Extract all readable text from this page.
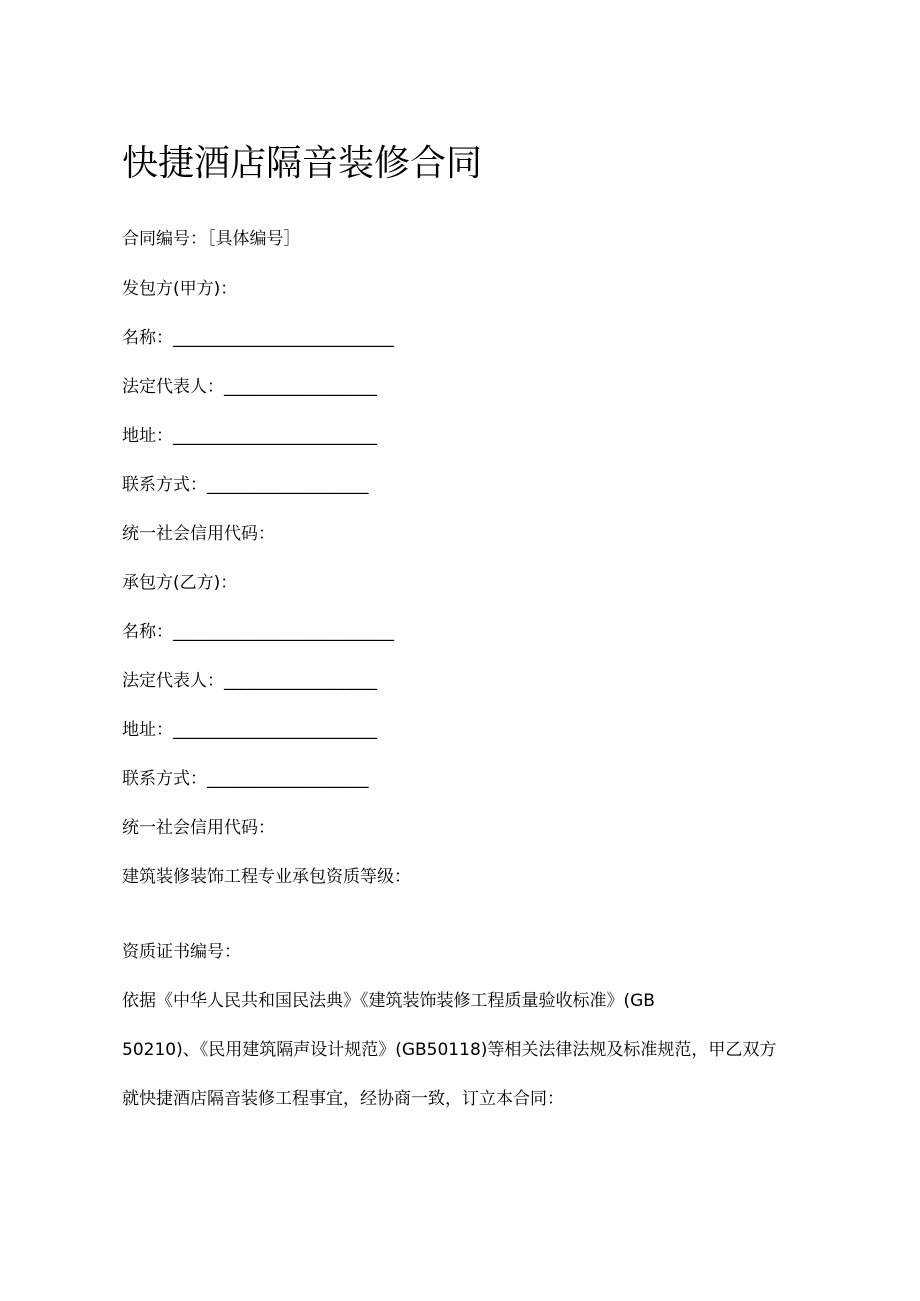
快捷酒店隔音装修合同
合同编号：［具体编号］
发包方(甲方)：
名称：__________________________
法定代表人：__________________
地址：________________________
联系方式：___________________
统一社会信用代码：
承包方(乙方)：
名称：__________________________
法定代表人：__________________
地址：________________________
联系方式：___________________
统一社会信用代码：
建筑装修装饰工程专业承包资质等级：
资质证书编号：
依据《中华人民共和国民法典》《建筑装饰装修工程质量验收标准》(GB
50210)、《民用建筑隔声设计规范》(GB50118)等相关法律法规及标准规范，甲乙双方
就快捷酒店隔音装修工程事宜，经协商一致，订立本合同：
